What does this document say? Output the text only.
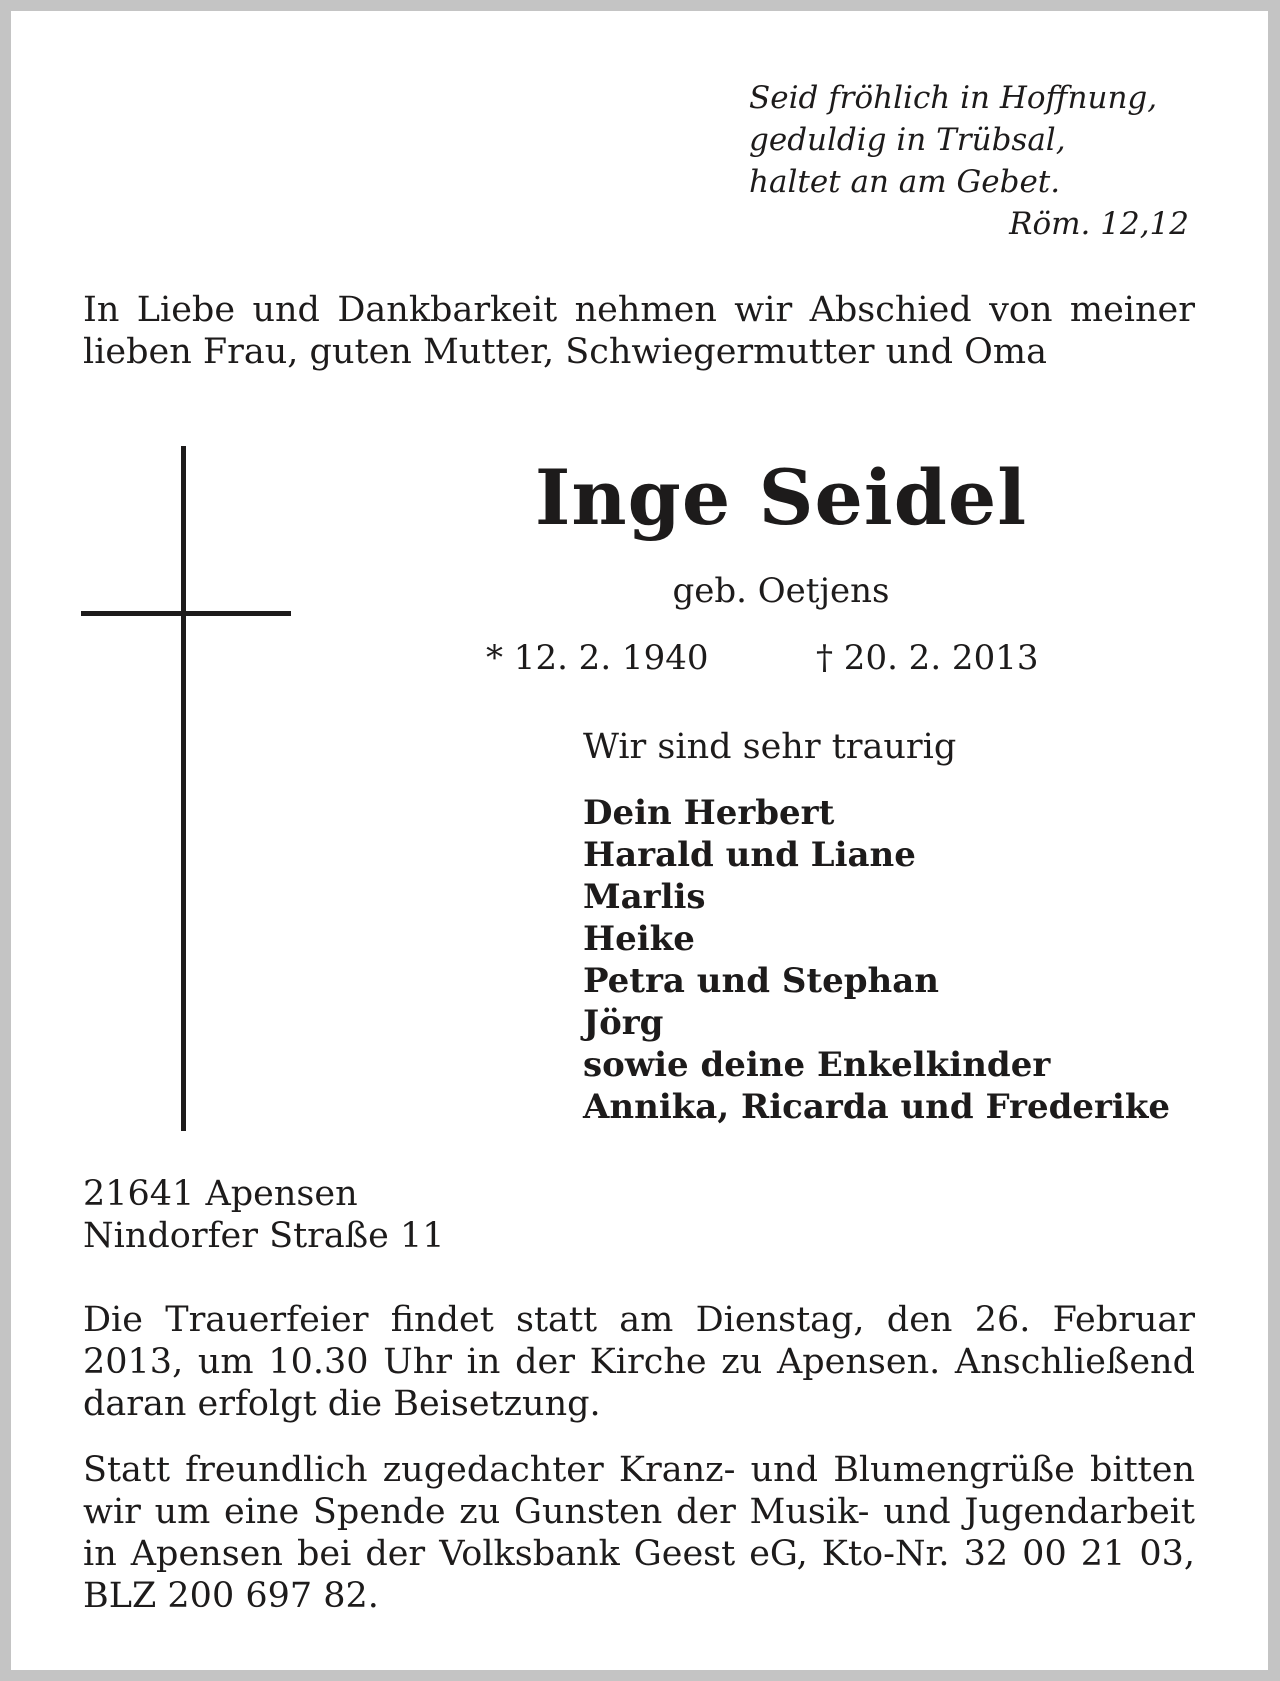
Seid fröhlich in Hoffnung,
geduldig in Trübsal,
haltet an am Gebet.
Röm. 12,12
In Liebe und Dankbarkeit nehmen wir Abschied von meiner lieben Frau, guten Mutter, Schwiegermutter und Oma
Inge Seidel
geb. Oetjens
* 12. 2. 1940	† 20. 2. 2013
Wir sind sehr traurig
Dein Herbert
Harald und Liane
Marlis
Heike
Petra und Stephan
Jörg
sowie deine Enkelkinder
Annika, Ricarda und Frederike
21641 Apensen
Nindorfer Straße 11
Die Trauerfeier findet statt am Dienstag, den 26. Februar 2013, um 10.30 Uhr in der Kirche zu Apensen. Anschließend daran erfolgt die Beisetzung.
Statt freundlich zugedachter Kranz- und Blumengrüße bitten wir um eine Spende zu Gunsten der Musik- und Jugendarbeit in Apensen bei der Volksbank Geest eG, Kto-Nr. 32 00 21 03, BLZ 200 697 82.
